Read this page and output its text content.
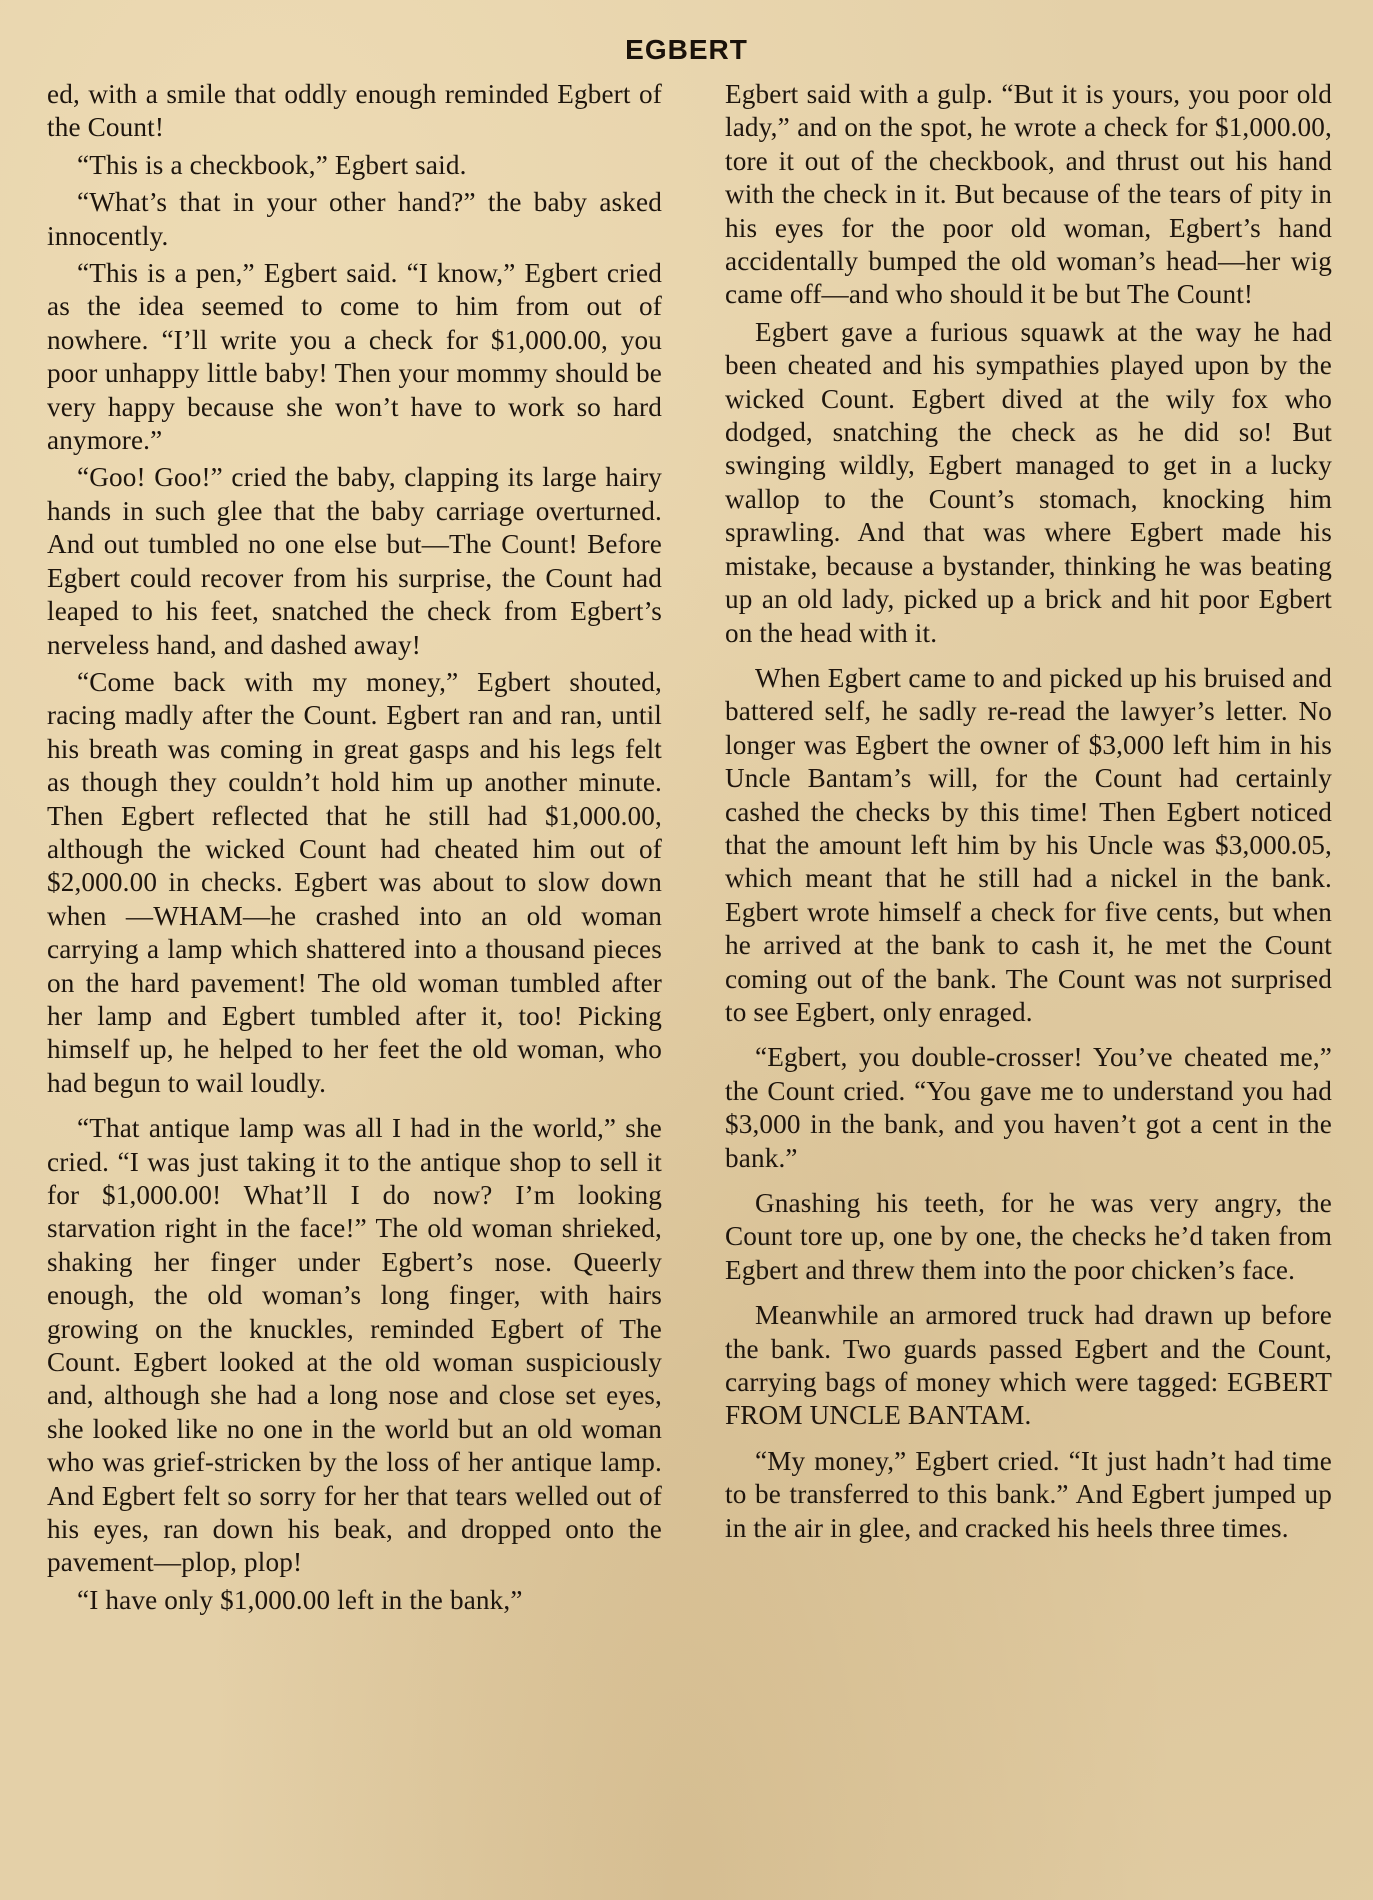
EGBERT

ed, with a smile that oddly enough reminded Egbert of the Count!

“This is a checkbook,” Egbert said.

“What’s that in your other hand?” the baby asked innocently.

“This is a pen,” Egbert said. “I know,” Egbert cried as the idea seemed to come to him from out of nowhere. “I’ll write you a check for $1,000.00, you poor unhappy little baby! Then your mommy should be very happy because she won’t have to work so hard anymore.”

“Goo! Goo!” cried the baby, clapping its large hairy hands in such glee that the baby carriage overturned. And out tumbled no one else but—The Count! Before Egbert could recover from his surprise, the Count had leaped to his feet, snatched the check from Egbert’s nerveless hand, and dashed away!

“Come back with my money,” Egbert shouted, racing madly after the Count. Egbert ran and ran, until his breath was coming in great gasps and his legs felt as though they couldn’t hold him up another minute. Then Egbert reflected that he still had $1,000.00, although the wicked Count had cheated him out of $2,000.00 in checks. Egbert was about to slow down when —WHAM—he crashed into an old woman carrying a lamp which shattered into a thousand pieces on the hard pavement! The old woman tumbled after her lamp and Egbert tumbled after it, too! Picking himself up, he helped to her feet the old woman, who had begun to wail loudly.

“That antique lamp was all I had in the world,” she cried. “I was just taking it to the antique shop to sell it for $1,000.00! What’ll I do now? I’m looking starvation right in the face!” The old woman shrieked, shaking her finger under Egbert’s nose. Queerly enough, the old woman’s long finger, with hairs growing on the knuckles, reminded Egbert of The Count. Egbert looked at the old woman suspiciously and, although she had a long nose and close set eyes, she looked like no one in the world but an old woman who was grief-stricken by the loss of her antique lamp. And Egbert felt so sorry for her that tears welled out of his eyes, ran down his beak, and dropped onto the pavement—plop, plop!

“I have only $1,000.00 left in the bank,”

Egbert said with a gulp. “But it is yours, you poor old lady,” and on the spot, he wrote a check for $1,000.00, tore it out of the checkbook, and thrust out his hand with the check in it. But because of the tears of pity in his eyes for the poor old woman, Egbert’s hand accidentally bumped the old woman’s head—her wig came off—and who should it be but The Count!

Egbert gave a furious squawk at the way he had been cheated and his sympathies played upon by the wicked Count. Egbert dived at the wily fox who dodged, snatching the check as he did so! But swinging wildly, Egbert managed to get in a lucky wallop to the Count’s stomach, knocking him sprawling. And that was where Egbert made his mistake, because a bystander, thinking he was beating up an old lady, picked up a brick and hit poor Egbert on the head with it.

When Egbert came to and picked up his bruised and battered self, he sadly re-read the lawyer’s letter. No longer was Egbert the owner of $3,000 left him in his Uncle Bantam’s will, for the Count had certainly cashed the checks by this time! Then Egbert noticed that the amount left him by his Uncle was $3,000.05, which meant that he still had a nickel in the bank. Egbert wrote himself a check for five cents, but when he arrived at the bank to cash it, he met the Count coming out of the bank. The Count was not surprised to see Egbert, only enraged.

“Egbert, you double-crosser! You’ve cheated me,” the Count cried. “You gave me to understand you had $3,000 in the bank, and you haven’t got a cent in the bank.”

Gnashing his teeth, for he was very angry, the Count tore up, one by one, the checks he’d taken from Egbert and threw them into the poor chicken’s face.

Meanwhile an armored truck had drawn up before the bank. Two guards passed Egbert and the Count, carrying bags of money which were tagged: EGBERT FROM UNCLE BANTAM.

“My money,” Egbert cried. “It just hadn’t had time to be transferred to this bank.” And Egbert jumped up in the air in glee, and cracked his heels three times.
